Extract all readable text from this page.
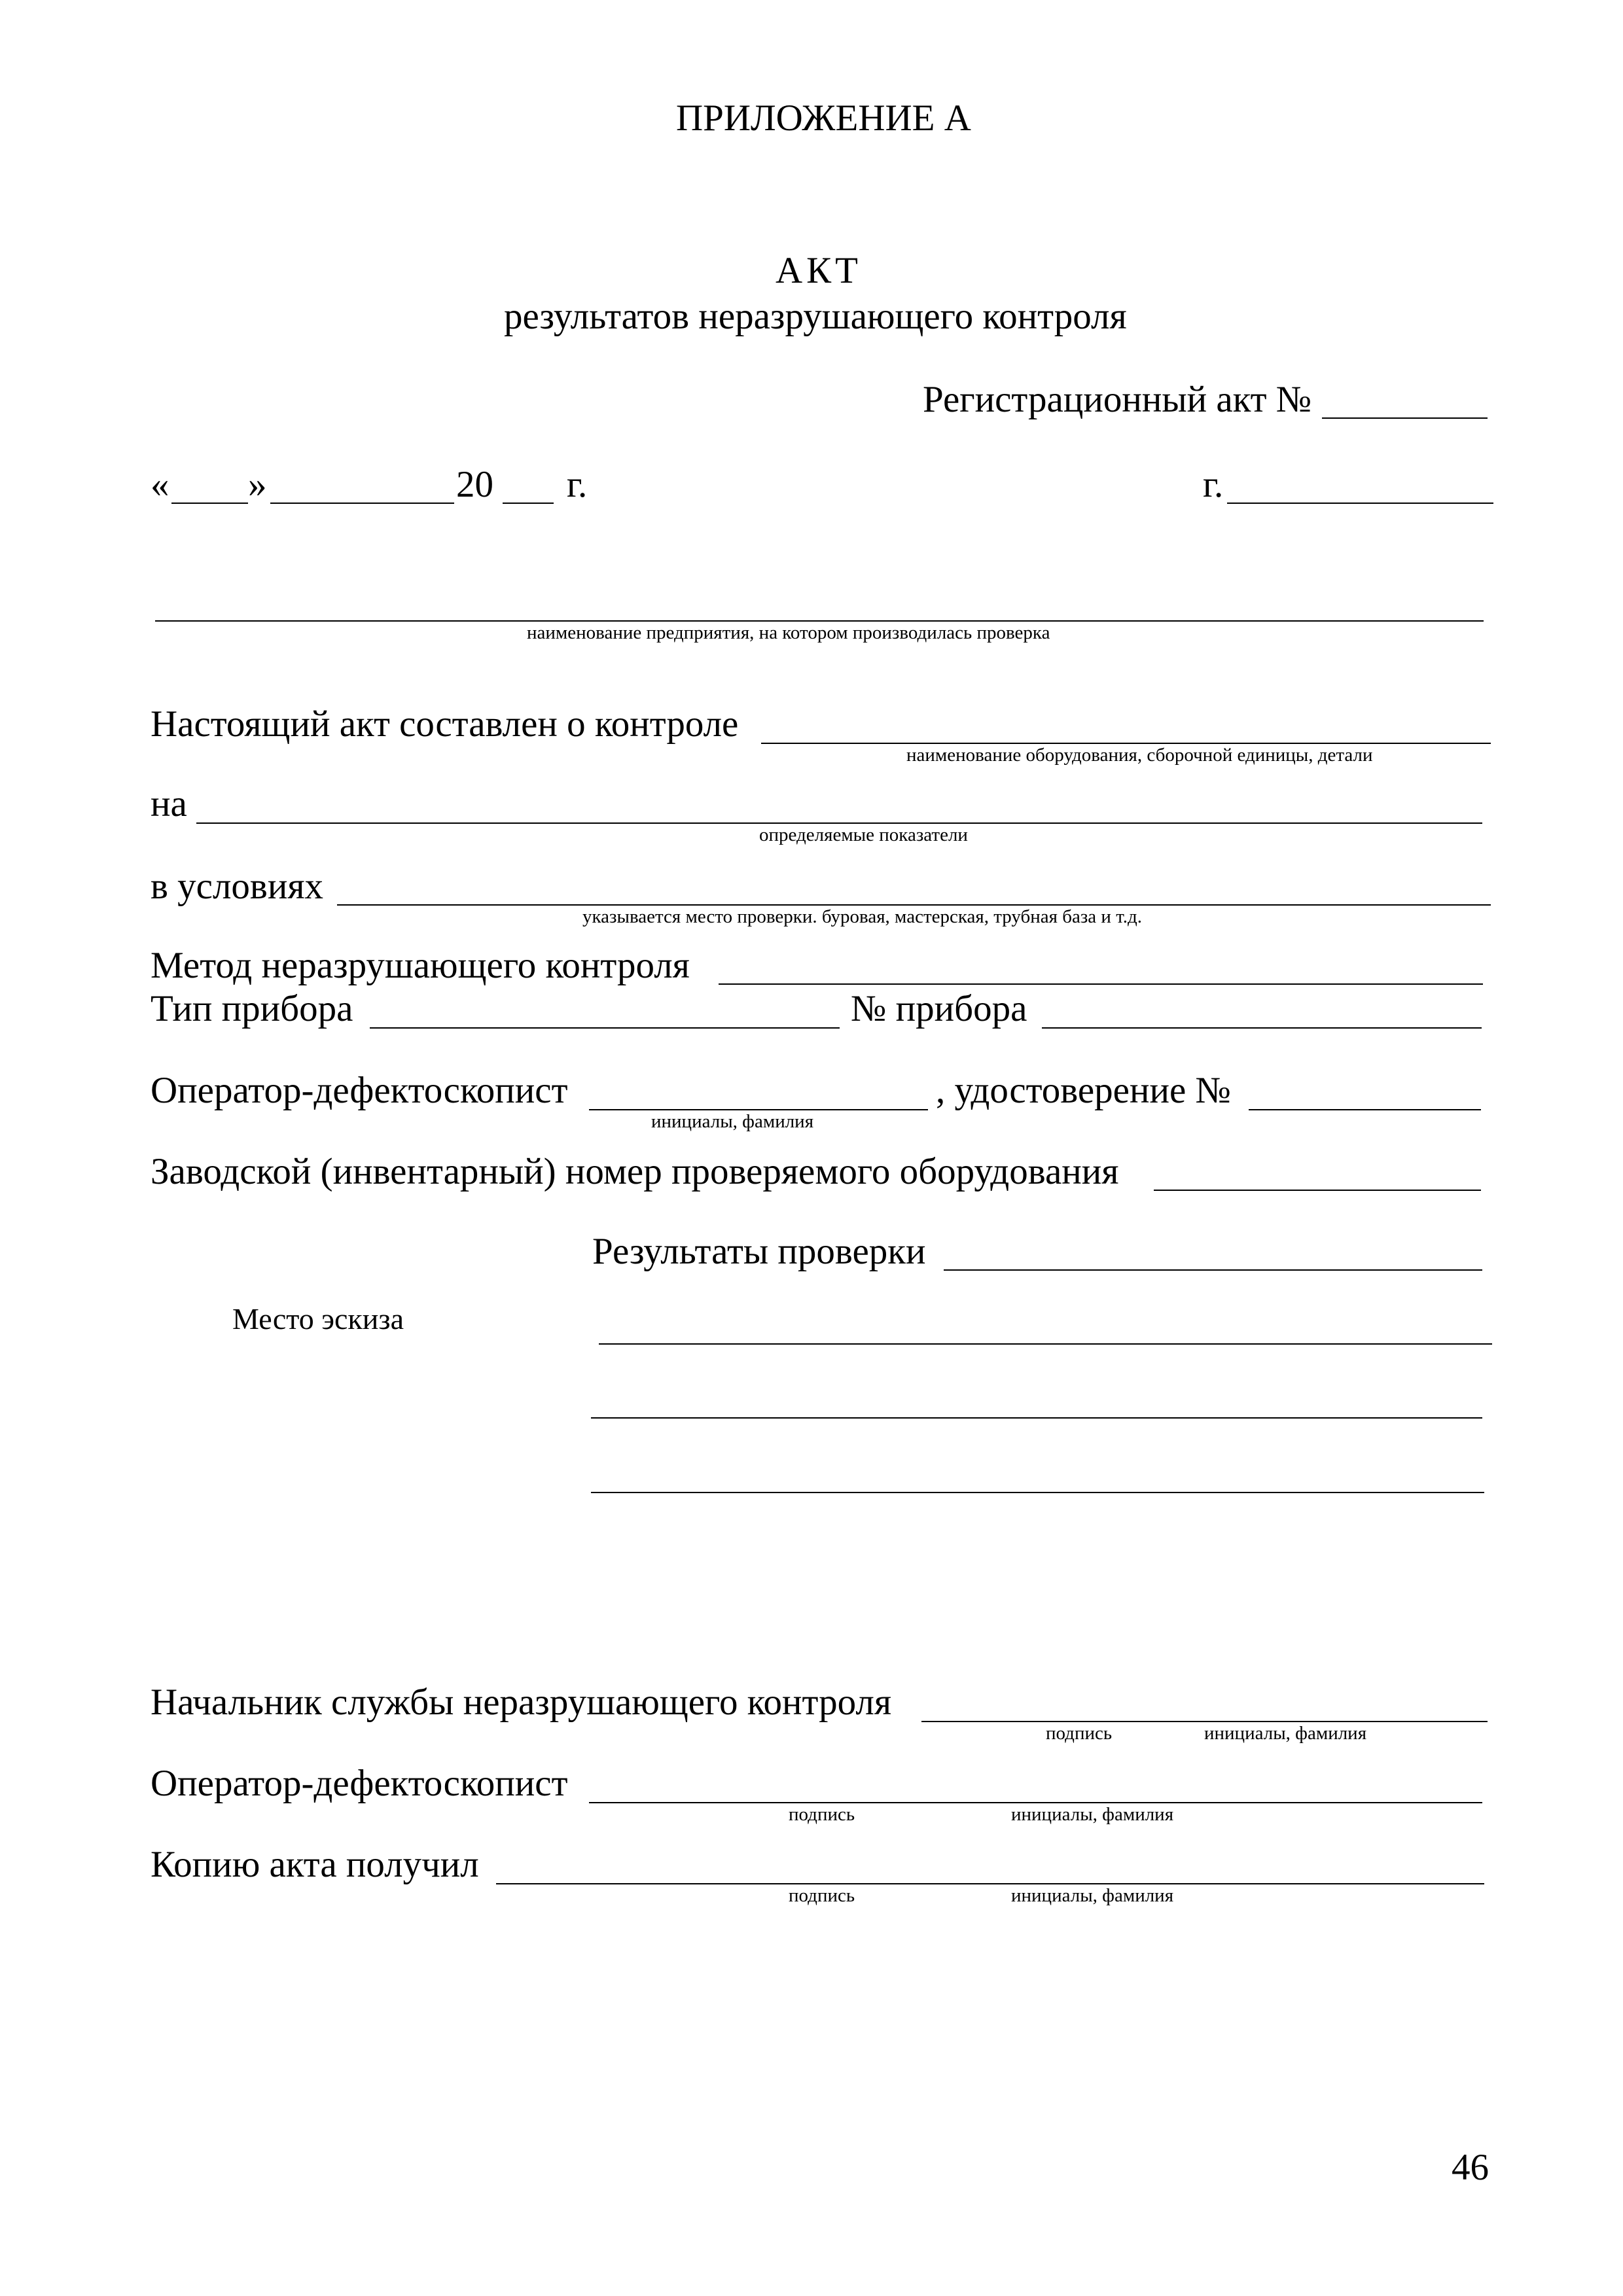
ПРИЛОЖЕНИЕ А
АКТ
результатов неразрушающего контроля
Регистрационный акт №
« »	20 г.	г.
наименование предприятия, на котором производилась проверка
Настоящий акт составлен о контроле
наименование оборудования, сборочной единицы, детали
на
определяемые показатели
в условиях
указывается место проверки. буровая, мастерская, трубная база и т.д.
Метод неразрушающего контроля
Тип прибора	№ прибора
Оператор-дефектоскопист
инициалы, фамилия
, удостоверение №
Заводской (инвентарный) номер проверяемого оборудования
Результаты проверки
Место эскиза
Начальник службы неразрушающего контроля
подпись	инициалы, фамилия
Оператор-дефектоскопист
подпись	инициалы, фамилия
Копию акта получил
подпись	инициалы, фамилия
46
